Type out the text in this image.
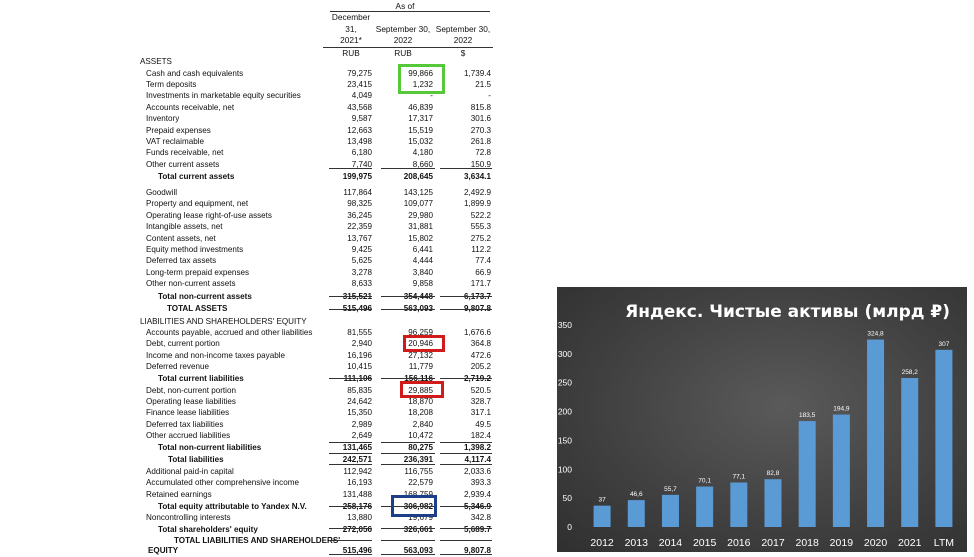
As of
December
31,
2021*
RUB

September 30,
2022
RUB

September 30,
2022
$
ASSETS
Cash and cash equivalents	79,275	99,866	1,739.4
Term deposits	23,415	1,232	21.5
Investments in marketable equity securities	4,049	-	-
Accounts receivable, net	43,568	46,839	815.8
Inventory	9,587	17,317	301.6
Prepaid expenses	12,663	15,519	270.3
VAT reclaimable	13,498	15,032	261.8
Funds receivable, net	6,180	4,180	72.8
Other current assets	7,740	8,660	150.9
Total current assets	199,975	208,645	3,634.1
Goodwill	117,864	143,125	2,492.9
Property and equipment, net	98,325	109,077	1,899.9
Operating lease right-of-use assets	36,245	29,980	522.2
Intangible assets, net	22,359	31,881	555.3
Content assets, net	13,767	15,802	275.2
Equity method investments	9,425	6,441	112.2
Deferred tax assets	5,625	4,444	77.4
Long-term prepaid expenses	3,278	3,840	66.9
Other non-current assets	8,633	9,858	171.7
Total non-current assets	315,521	354,448	6,173.7
TOTAL ASSETS	515,496	563,093	9,807.8
LIABILITIES AND SHAREHOLDERS' EQUITY
Accounts payable, accrued and other liabilities	81,555	96,259	1,676.6
Debt, current portion	2,940	20,946	364.8
Income and non-income taxes payable	16,196	27,132	472.6
Deferred revenue	10,415	11,779	205.2
Total current liabilities	111,106	156,116	2,719.2
Debt, non-current portion	85,835	29,885	520.5
Operating lease liabilities	24,642	18,870	328.7
Finance lease liabilities	15,350	18,208	317.1
Deferred tax liabilities	2,989	2,840	49.5
Other accrued liabilities	2,649	10,472	182.4
Total non-current liabilities	131,465	80,275	1,398.2
Total liabilities	242,571	236,391	4,117.4
Additional paid-in capital	112,942	116,755	2,033.6
Accumulated other comprehensive income	16,193	22,579	393.3
Retained earnings	131,488	168,759	2,939.4
Total equity attributable to Yandex N.V.	258,176	306,982	5,346.9
Noncontrolling interests	13,880	19,679	342.8
Total shareholders' equity	272,056	326,661	5,689.7
TOTAL LIABILITIES AND SHAREHOLDERS'
EQUITY	515,496	563,093	9,807.8
Яндекс. Чистые активы (млрд ₽)
0
50
100
150
200
250
300
350
37
2012
46,6
2013
55,7
2014
70,1
2015
77,1
2016
82,8
2017
183,5
2018
194,9
2019
324,8
2020
258,2
2021
307
LTM
